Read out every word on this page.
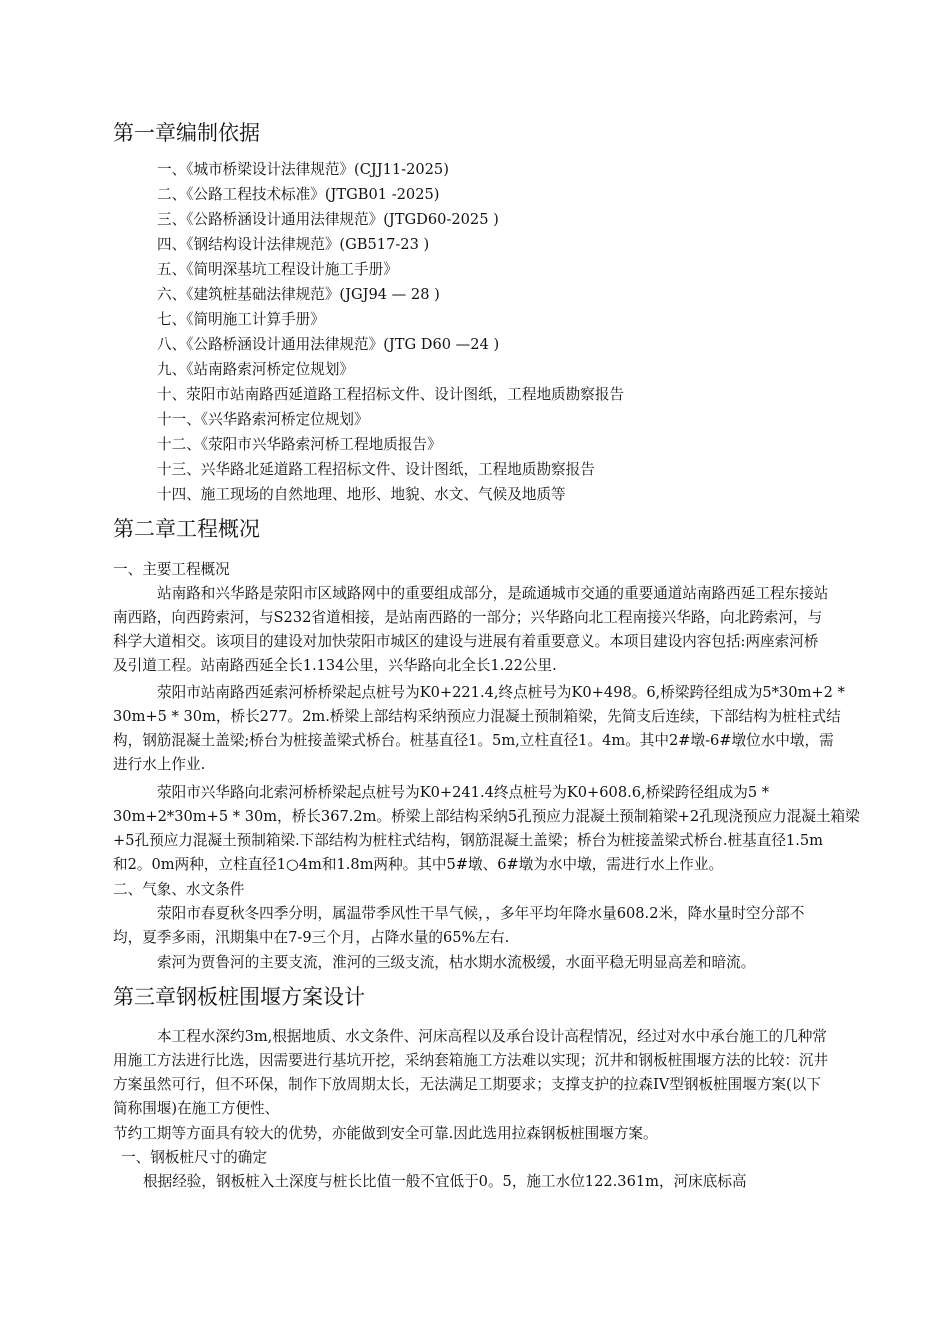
第一章编制依据
一、《城市桥梁设计法律规范》(CJJ11-2025)
二、《公路工程技术标准》(JTGB01 -2025)
三、《公路桥涵设计通用法律规范》(JTGD60-2025 )
四、《钢结构设计法律规范》(GB517-23 )
五、《简明深基坑工程设计施工手册》
六、《建筑桩基础法律规范》(JGJ94 — 28 )
七、《简明施工计算手册》
八、《公路桥涵设计通用法律规范》(JTG D60 —24 )
九、《站南路索河桥定位规划》
十、荥阳市站南路西延道路工程招标文件、设计图纸，工程地质勘察报告
十一、《兴华路索河桥定位规划》
十二、《荥阳市兴华路索河桥工程地质报告》
十三、兴华路北延道路工程招标文件、设计图纸，工程地质勘察报告
十四、施工现场的自然地理、地形、地貌、水文、气候及地质等
第二章工程概况
一、主要工程概况
站南路和兴华路是荥阳市区域路网中的重要组成部分，是疏通城市交通的重要通道站南路西延工程东接站
南西路，向西跨索河，与S232省道相接，是站南西路的一部分；兴华路向北工程南接兴华路，向北跨索河，与
科学大道相交。该项目的建设对加快荥阳市城区的建设与进展有着重要意义。本项目建设内容包括:两座索河桥
及引道工程。站南路西延全长1.134公里，兴华路向北全长1.22公里.
荥阳市站南路西延索河桥桥梁起点桩号为K0+221.4,终点桩号为K0+498。6,桥梁跨径组成为5*30m+2 *
30m+5 * 30m，桥长277。2m.桥梁上部结构采纳预应力混凝土预制箱梁，先简支后连续，下部结构为桩柱式结
构，钢筋混凝土盖梁;桥台为桩接盖梁式桥台。桩基直径1。5m,立柱直径1。4m。其中2#墩-6#墩位水中墩，需
进行水上作业.
荥阳市兴华路向北索河桥桥梁起点桩号为K0+241.4终点桩号为K0+608.6,桥梁跨径组成为5 *
30m+2*30m+5 * 30m，桥长367.2m。桥梁上部结构采纳5孔预应力混凝土预制箱梁+2孔现浇预应力混凝土箱梁
+5孔预应力混凝土预制箱梁.下部结构为桩柱式结构，钢筋混凝土盖梁；桥台为桩接盖梁式桥台.桩基直径1.5m
和2。0m两种，立柱直径1○4m和1.8m两种。其中5#墩、6#墩为水中墩，需进行水上作业。
二、气象、水文条件
荥阳市春夏秋冬四季分明，属温带季风性干旱气候，，多年平均年降水量608.2米，降水量时空分部不
均，夏季多雨，汛期集中在7-9三个月，占降水量的65%左右.
索河为贾鲁河的主要支流，淮河的三级支流，枯水期水流极缓，水面平稳无明显高差和暗流。
第三章钢板桩围堰方案设计
本工程水深约3m,根据地质、水文条件、河床高程以及承台设计高程情况，经过对水中承台施工的几种常
用施工方法进行比选，因需要进行基坑开挖，采纳套箱施工方法难以实现；沉井和钢板桩围堰方法的比较：沉井
方案虽然可行，但不环保，制作下放周期太长，无法满足工期要求；支撑支护的拉森IV型钢板桩围堰方案(以下
简称围堰)在施工方便性、
节约工期等方面具有较大的优势，亦能做到安全可靠.因此选用拉森钢板桩围堰方案。
一、钢板桩尺寸的确定
根据经验，钢板桩入土深度与桩长比值一般不宜低于0。5，施工水位122.361m，河床底标高
